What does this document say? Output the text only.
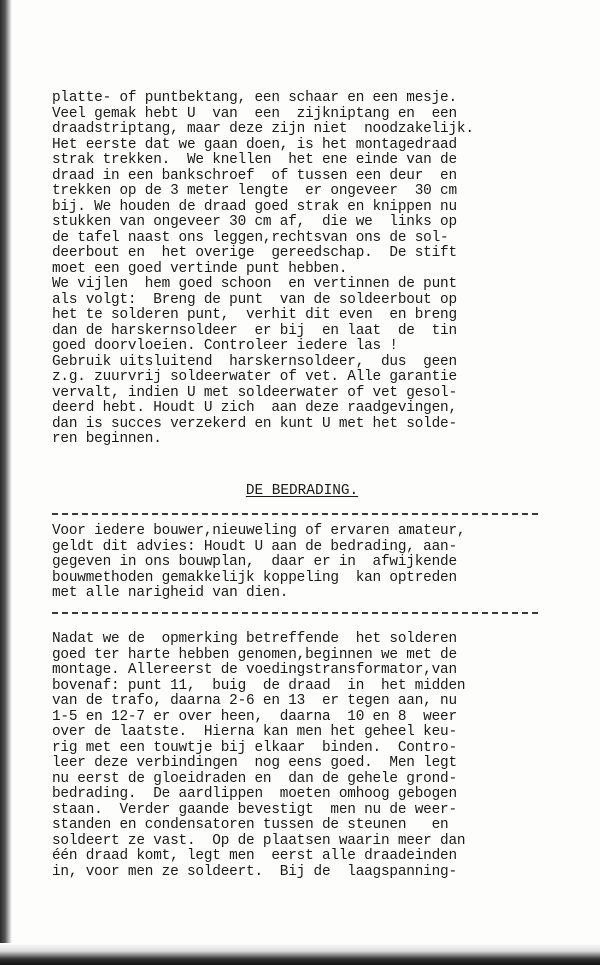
platte- of puntbektang, een schaar en een mesje.
Veel gemak hebt U  van  een  zijkniptang en  een
draadstriptang, maar deze zijn niet  noodzakelijk.
Het eerste dat we gaan doen, is het montagedraad
strak trekken.  We knellen  het ene einde van de
draad in een bankschroef  of tussen een deur  en
trekken op de 3 meter lengte  er ongeveer  30 cm
bij. We houden de draad goed strak en knippen nu
stukken van ongeveer 30 cm af,  die we  links op
de tafel naast ons leggen,rechtsvan ons de sol-
deerbout en  het overige  gereedschap.  De stift
moet een goed vertinde punt hebben.
We vijlen  hem goed schoon  en vertinnen de punt
als volgt:  Breng de punt  van de soldeerbout op
het te solderen punt,  verhit dit even  en breng
dan de harskernsoldeer  er bij  en laat  de  tin
goed doorvloeien. Controleer iedere las !
Gebruik uitsluitend  harskernsoldeer,  dus  geen
z.g. zuurvrij soldeerwater of vet. Alle garantie
vervalt, indien U met soldeerwater of vet gesol-
deerd hebt. Houdt U zich  aan deze raadgevingen,
dan is succes verzekerd en kunt U met het solde-
ren beginnen.
DE BEDRADING.
Voor iedere bouwer,nieuweling of ervaren amateur,
geldt dit advies: Houdt U aan de bedrading, aan-
gegeven in ons bouwplan,  daar er in  afwijkende
bouwmethoden gemakkelijk koppeling  kan optreden
met alle narigheid van dien.
Nadat we de  opmerking betreffende  het solderen
goed ter harte hebben genomen,beginnen we met de
montage. Allereerst de voedingstransformator,van
bovenaf: punt 11,  buig  de draad  in  het midden
van de trafo, daarna 2-6 en 13  er tegen aan, nu
1-5 en 12-7 er over heen,  daarna  10 en 8  weer
over de laatste.  Hierna kan men het geheel keu-
rig met een touwtje bij elkaar  binden.  Contro-
leer deze verbindingen  nog eens goed.  Men legt
nu eerst de gloeidraden en  dan de gehele grond-
bedrading.  De aardlippen  moeten omhoog gebogen
staan.  Verder gaande bevestigt  men nu de weer-
standen en condensatoren tussen de steunen   en
soldeert ze vast.  Op de plaatsen waarin meer dan
één draad komt, legt men  eerst alle draadeinden
in, voor men ze soldeert.  Bij de  laagspanning-
